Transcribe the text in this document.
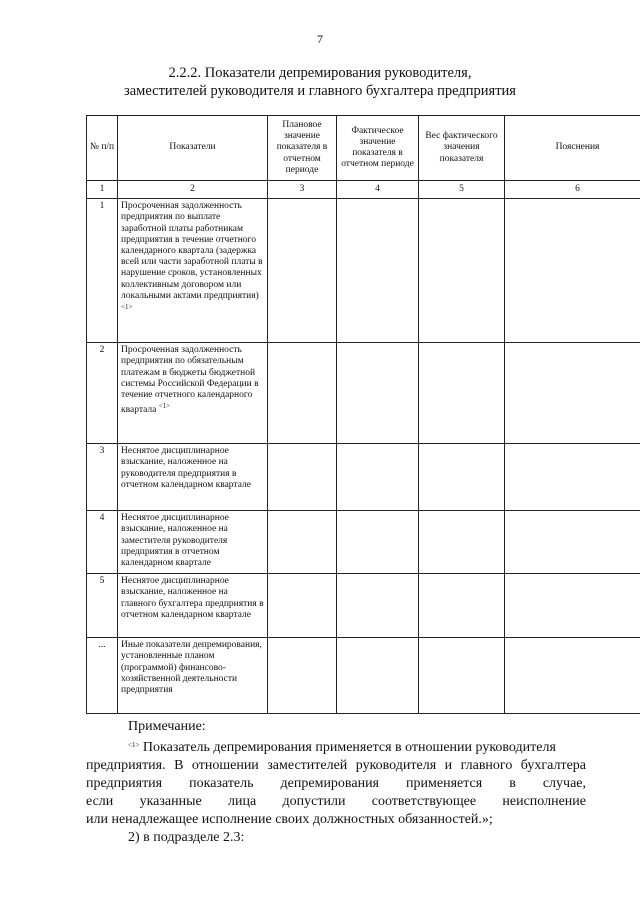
7
2.2.2. Показатели депремирования руководителя,
заместителей руководителя и главного бухгалтера предприятия
№ п/п	Показатели	Плановое значение показателя в отчетном периоде	Фактическое значение показателя в отчетном периоде	Вес фактического значения показателя	Пояснения
1	2	3	4	5	6
1	Просроченная задолженность предприятия по выплате заработной платы работникам предприятия в течение отчетного календарного квартала (задержка всей или части заработной платы в нарушение сроков, установленных коллективным договором или локальными актами предприятия) $^{<1>}$				
2	Просроченная задолженность предприятия по обязательным платежам в бюджеты бюджетной системы Российской Федерации в течение отчетного календарного квартала $^{<1>}$				
3	Неснятое дисциплинарное взыскание, наложенное на руководителя предприятия в отчетном календарном квартале				
4	Неснятое дисциплинарное взыскание, наложенное на заместителя руководителя предприятия в отчетном календарном квартале				
5	Неснятое дисциплинарное взыскание, наложенное на главного бухгалтера предприятия в отчетном календарном квартале				
...	Иные показатели депремирования, установленные планом (программой) финансово-хозяйственной деятельности предприятия				
Примечание:
$^{<1>}$ Показатель депремирования применяется в отношении руководителя
предприятия. В отношении заместителей руководителя и главного бухгалтера
предприятия показатель депремирования применяется в случае,
если указанные лица допустили соответствующее неисполнение
или ненадлежащее исполнение своих должностных обязанностей.»;
2) в подразделе 2.3:
